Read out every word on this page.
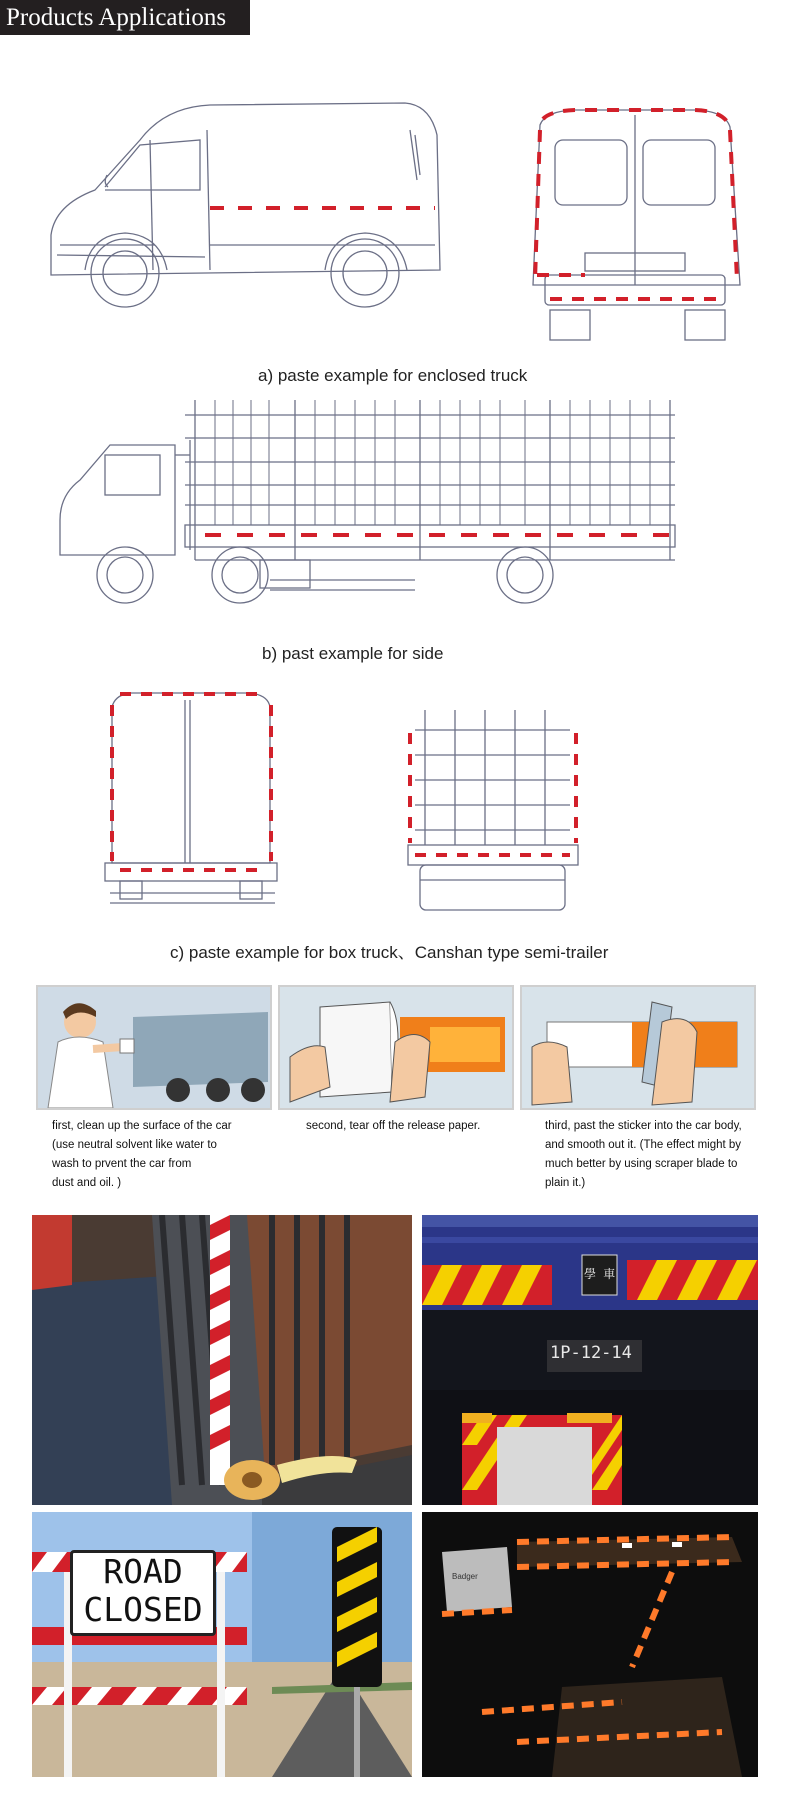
Products Applications
a) paste example for enclosed truck
b) past example for side
c) paste example for box truck、Canshan type semi-trailer
first, clean up the surface of the car
(use neutral solvent like water to
wash to prvent the car from
dust and oil. )
second, tear off the release paper.	third, past the sticker into the car body,
and smooth out it. (The effect might by
much better by using scraper blade to
plain it.)
1P-12-14
學 車
ROAD
CLOSED
Badger
